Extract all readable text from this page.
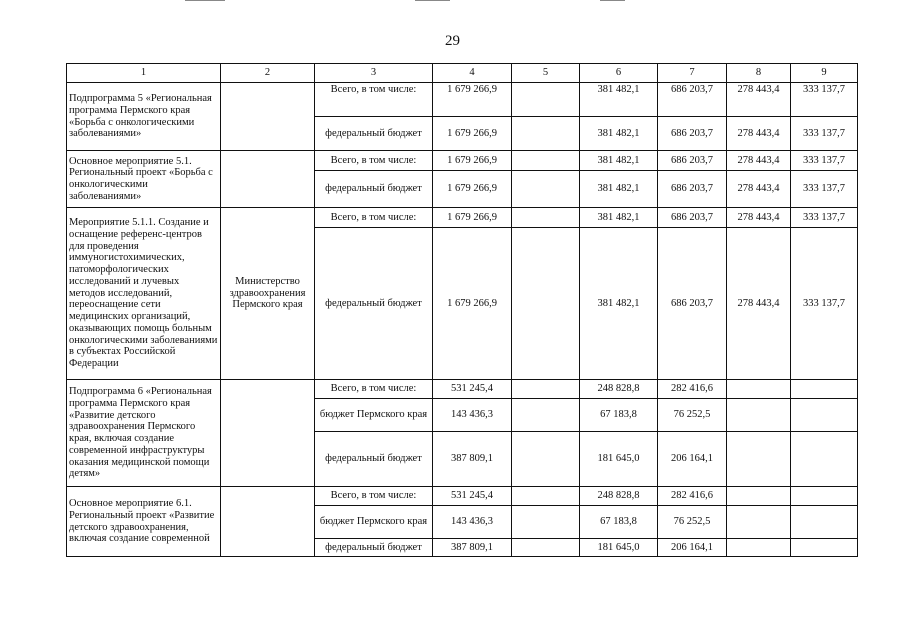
29
1	2	3	4	5	6	7	8	9
Подпрограмма 5 «Региональная программа Пермского края «Борьба с онкологическими заболеваниями»		Всего, в том числе:	1 679 266,9		381 482,1	686 203,7	278 443,4	333 137,7
		федеральный бюджет	1 679 266,9		381 482,1	686 203,7	278 443,4	333 137,7
Основное мероприятие 5.1. Региональный проект «Борьба с онкологическими заболеваниями»		Всего, в том числе:	1 679 266,9		381 482,1	686 203,7	278 443,4	333 137,7
		федеральный бюджет	1 679 266,9		381 482,1	686 203,7	278 443,4	333 137,7
Мероприятие 5.1.1. Создание и оснащение референс-центров для проведения иммуногистохимических, патоморфологических исследований и лучевых методов исследований, переоснащение сети медицинских организаций, оказывающих помощь больным онкологическими заболеваниями в субъектах Российской Федерации	Министерство здравоохранения Пермского края	Всего, в том числе:	1 679 266,9		381 482,1	686 203,7	278 443,4	333 137,7
		федеральный бюджет	1 679 266,9		381 482,1	686 203,7	278 443,4	333 137,7
Подпрограмма 6 «Региональная программа Пермского края «Развитие детского здравоохранения Пермского края, включая создание современной инфраструктуры оказания медицинской помощи детям»		Всего, в том числе:	531 245,4		248 828,8	282 416,6		
		бюджет Пермского края	143 436,3		67 183,8	76 252,5		
		федеральный бюджет	387 809,1		181 645,0	206 164,1		
Основное мероприятие 6.1. Региональный проект «Развитие детского здравоохранения, включая создание современной		Всего, в том числе:	531 245,4		248 828,8	282 416,6		
		бюджет Пермского края	143 436,3		67 183,8	76 252,5		
		федеральный бюджет	387 809,1		181 645,0	206 164,1		
